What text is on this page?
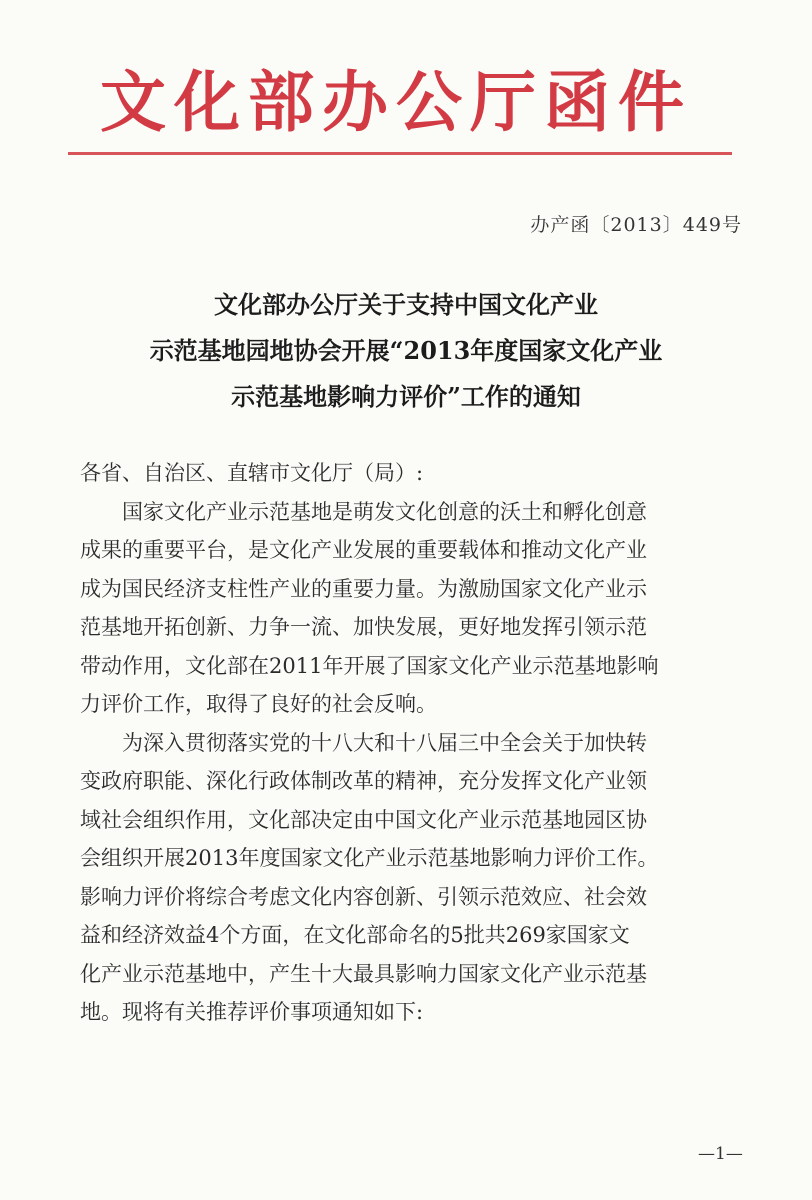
文化部办公厅函件
办产函〔2013〕449号
文化部办公厅关于支持中国文化产业
示范基地园地协会开展“2013年度国家文化产业
示范基地影响力评价”工作的通知

各省、自治区、直辖市文化厅（局）:

国家文化产业示范基地是萌发文化创意的沃土和孵化创意
成果的重要平台，是文化产业发展的重要载体和推动文化产业
成为国民经济支柱性产业的重要力量。为激励国家文化产业示
范基地开拓创新、力争一流、加快发展，更好地发挥引领示范
带动作用，文化部在2011年开展了国家文化产业示范基地影响
力评价工作，取得了良好的社会反响。

为深入贯彻落实党的十八大和十八届三中全会关于加快转
变政府职能、深化行政体制改革的精神，充分发挥文化产业领
域社会组织作用，文化部决定由中国文化产业示范基地园区协
会组织开展2013年度国家文化产业示范基地影响力评价工作。
影响力评价将综合考虑文化内容创新、引领示范效应、社会效
益和经济效益4个方面，在文化部命名的5批共269家国家文
化产业示范基地中，产生十大最具影响力国家文化产业示范基
地。现将有关推荐评价事项通知如下:

—1—
